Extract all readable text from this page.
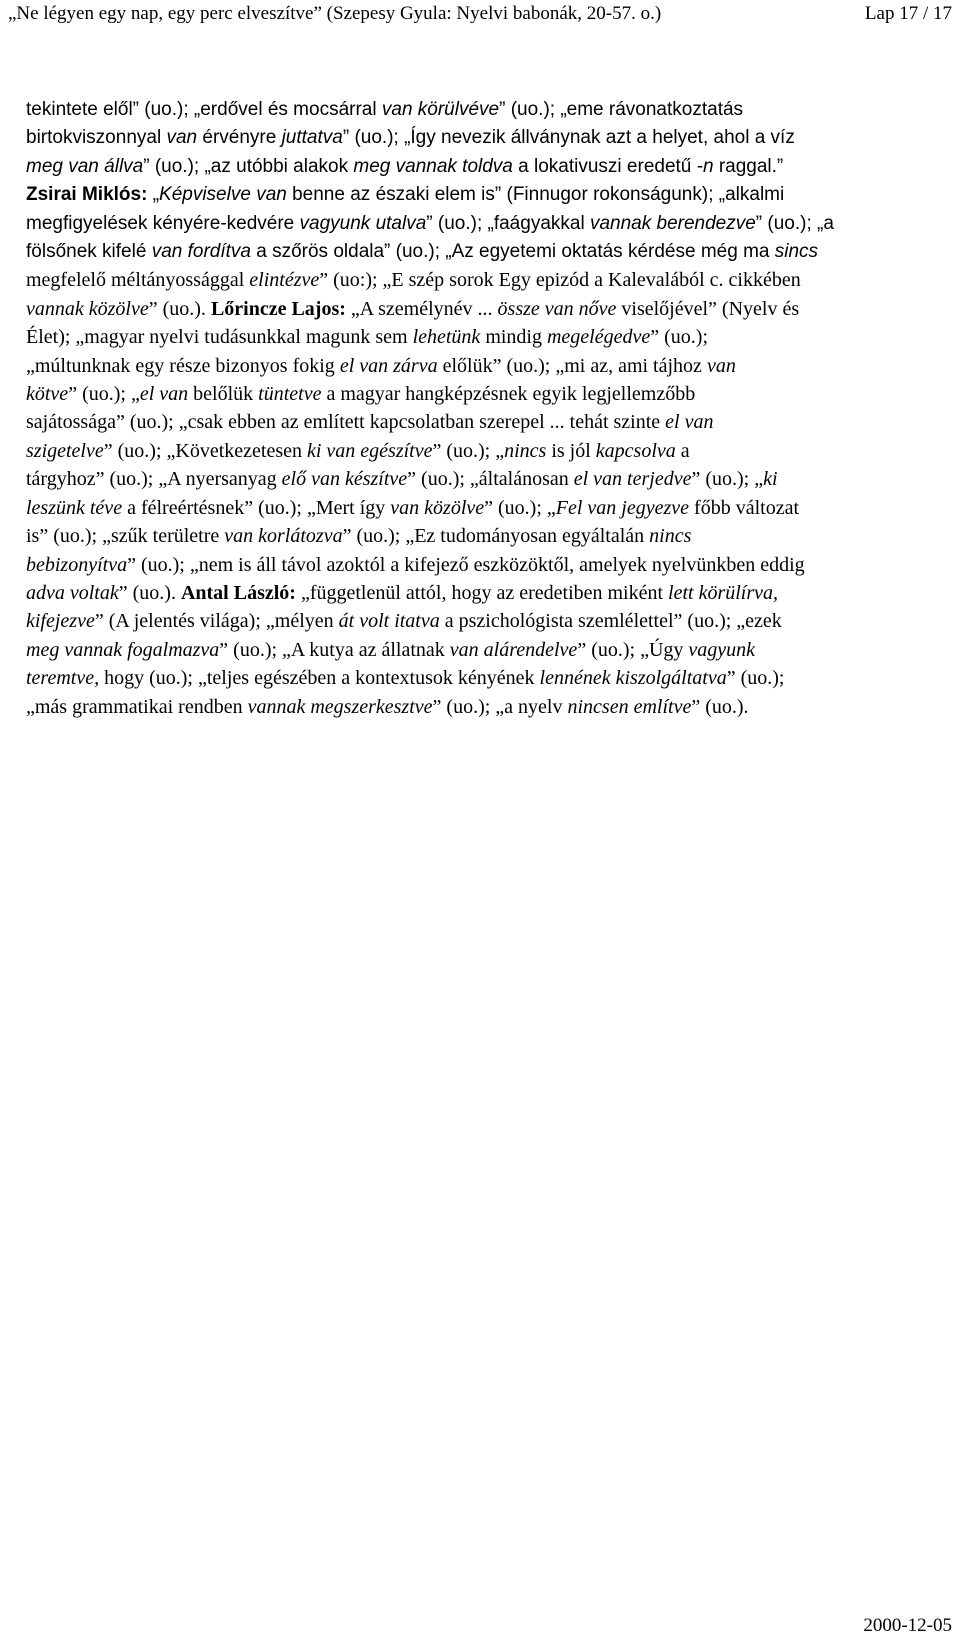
„Ne légyen egy nap, egy perc elveszítve” (Szepesy Gyula: Nyelvi babonák, 20-57. o.)	Lap 17 / 17
tekintete elől” (uo.); „erdővel és mocsárral van körülvéve” (uo.); „eme rávonatkoztatás
birtokviszonnyal van érvényre juttatva” (uo.); „Így nevezik állványnak azt a helyet, ahol a víz
meg van állva” (uo.); „az utóbbi alakok meg vannak toldva a lokativuszi eredetű -n raggal.”
Zsirai Miklós: „Képviselve van benne az északi elem is” (Finnugor rokonságunk); „alkalmi
megfigyelések kényére-kedvére vagyunk utalva” (uo.); „faágyakkal vannak berendezve” (uo.); „a
fölsőnek kifelé van fordítva a szőrös oldala” (uo.); „Az egyetemi oktatás kérdése még ma sincs
megfelelő méltányossággal elintézve” (uo:); „E szép sorok Egy epizód a Kalevalából c. cikkében
vannak közölve” (uo.). Lőrincze Lajos: „A személynév ... össze van nőve viselőjével” (Nyelv és
Élet); „magyar nyelvi tudásunkkal magunk sem lehetünk mindig megelégedve” (uo.);
„múltunknak egy része bizonyos fokig el van zárva előlük” (uo.); „mi az, ami tájhoz van
kötve” (uo.); „el van belőlük tüntetve a magyar hangképzésnek egyik legjellemzőbb
sajátossága” (uo.); „csak ebben az említett kapcsolatban szerepel ... tehát szinte el van
szigetelve” (uo.); „Következetesen ki van egészítve” (uo.); „nincs is jól kapcsolva a
tárgyhoz” (uo.); „A nyersanyag elő van készítve” (uo.); „általánosan el van terjedve” (uo.); „ki
leszünk téve a félreértésnek” (uo.); „Mert így van közölve” (uo.); „Fel van jegyezve főbb változat
is” (uo.); „szűk területre van korlátozva” (uo.); „Ez tudományosan egyáltalán nincs
bebizonyítva” (uo.); „nem is áll távol azoktól a kifejező eszközöktől, amelyek nyelvünkben eddig
adva voltak” (uo.). Antal László: „függetlenül attól, hogy az eredetiben miként lett körülírva,
kifejezve” (A jelentés világa); „mélyen át volt itatva a pszichológista szemlélettel” (uo.); „ezek
meg vannak fogalmazva” (uo.); „A kutya az állatnak van alárendelve” (uo.); „Úgy vagyunk
teremtve, hogy (uo.); „teljes egészében a kontextusok kényének lennének kiszolgáltatva” (uo.);
„más grammatikai rendben vannak megszerkesztve” (uo.); „a nyelv nincsen említve” (uo.).
2000-12-05
